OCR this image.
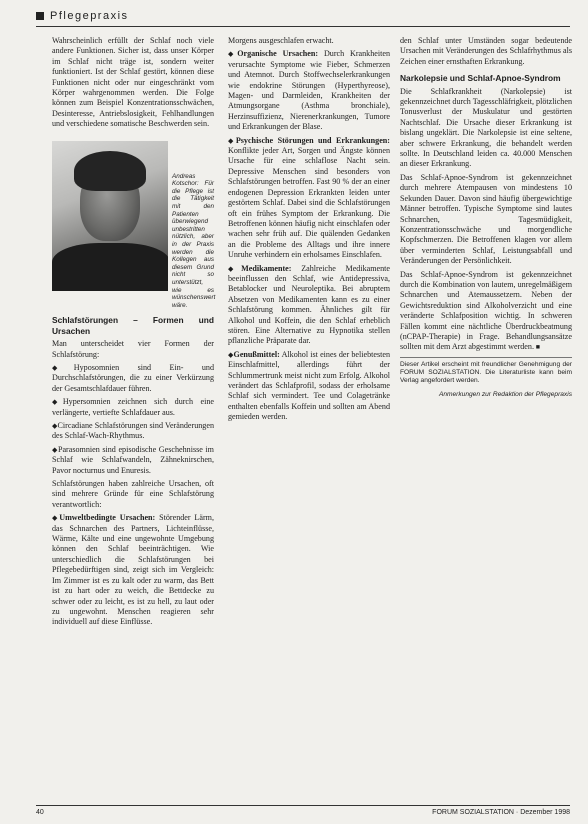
Pflegepraxis

Wahrscheinlich erfüllt der Schlaf noch viele andere Funktionen. Sicher ist, dass unser Körper im Schlaf nicht träge ist, sondern weiter funktioniert. Ist der Schlaf gestört, können diese Funktionen nicht oder nur eingeschränkt vom Körper wahrgenommen werden. Die Folge können zum Beispiel Konzentrationsschwächen, Desinteresse, Antriebslosigkeit, Fehlhandlungen und verschiedene somatische Beschwerden sein.

Andreas Kotschor: Für die Pflege ist die Tätigkeit mit den Patienten überwiegend unbestritten nützlich, aber in der Praxis werden die Kollegen aus diesem Grund nicht so unterstützt, wie es wünschenswert wäre.
Schlafstörungen – Formen und Ursachen

Man unterscheidet vier Formen der Schlafstörung:

◆ Hyposomnien sind Ein- und Durchschlafstörungen, die zu einer Verkürzung der Gesamtschlafdauer führen.

◆ Hypersomnien zeichnen sich durch eine verlängerte, vertiefte Schlafdauer aus.

◆ Circadiane Schlafstörungen sind Veränderungen des Schlaf-Wach-Rhythmus.

◆ Parasomnien sind episodische Geschehnisse im Schlaf wie Schlafwandeln, Zähneknirschen, Pavor nocturnus und Enuresis.

Schlafstörungen haben zahlreiche Ursachen, oft sind mehrere Gründe für eine Schlafstörung verantwortlich:

◆ Umweltbedingte Ursachen: Störender Lärm, das Schnarchen des Partners, Lichteinflüsse, Wärme, Kälte und eine ungewohnte Umgebung können den Schlaf beeinträchtigen. Wie unterschiedlich die Schlafstörungen bei Pflegebedürftigen sind, zeigt sich im Vergleich: Im Zimmer ist es zu kalt oder zu warm, das Bett ist zu hart oder zu weich, die Bettdecke zu schwer oder zu leicht, es ist zu hell, zu laut oder zu ungewohnt. Menschen reagieren sehr individuell auf diese Einflüsse.

Morgens ausgeschlafen erwacht.

◆ Organische Ursachen: Durch Krankheiten verursachte Symptome wie Fieber, Schmerzen und Atemnot. Durch Stoffwechselerkrankungen wie endokrine Störungen (Hyperthyreose), Magen- und Darmleiden, Krankheiten der Atmungsorgane (Asthma bronchiale), Herzinsuffizienz, Nierenerkrankungen, Tumore und Erkrankungen der Blase.

◆ Psychische Störungen und Erkrankungen: Konflikte jeder Art, Sorgen und Ängste können Ursache für eine schlaflose Nacht sein. Depressive Menschen sind besonders von Schlafstörungen betroffen. Fast 90 % der an einer endogenen Depression Erkrankten leiden unter gestörtem Schlaf. Dabei sind die Schlafstörungen oft ein frühes Symptom der Erkrankung. Die Betroffenen können häufig nicht einschlafen oder wachen sehr früh auf. Die quälenden Gedanken an die Probleme des Alltags und ihre innere Unruhe verhindern ein erholsames Einschlafen.

◆ Medikamente: Zahlreiche Medikamente beeinflussen den Schlaf, wie Antidepressiva, Betablocker und Neuroleptika. Bei abruptem Absetzen von Medikamenten kann es zu einer Schlafstörung kommen. Ähnliches gilt für Alkohol und Koffein, die den Schlaf erheblich stören. Eine Alternative zu Hypnotika stellen pflanzliche Präparate dar.

◆ Genußmittel: Alkohol ist eines der beliebtesten Einschlafmittel, allerdings führt der Schlummertrunk meist nicht zum Erfolg. Alkohol verändert das Schlafprofil, sodass der erholsame Schlaf sich vermindert. Tee und Colagetränke enthalten ebenfalls Koffein und sollten am Abend gemieden werden.

den Schlaf unter Umständen sogar bedeutende Ursachen mit Veränderungen des Schlafrhythmus als Zeichen einer ernsthaften Erkrankung.

Narkolepsie und Schlaf-Apnoe-Syndrom

Die Schlafkrankheit (Narkolepsie) ist gekennzeichnet durch Tagesschläfrigkeit, plötzlichen Tonusverlust der Muskulatur und gestörten Nachtschlaf. Die Ursache dieser Erkrankung ist bislang ungeklärt. Die Narkolepsie ist eine seltene, aber schwere Erkrankung, die behandelt werden sollte. In Deutschland leiden ca. 40.000 Menschen an dieser Erkrankung.

Das Schlaf-Apnoe-Syndrom ist gekennzeichnet durch mehrere Atempausen von mindestens 10 Sekunden Dauer. Davon sind häufig übergewichtige Männer betroffen. Typische Symptome sind lautes Schnarchen, Tagesmüdigkeit, Konzentrationsschwäche und morgendliche Kopfschmerzen. Die Betroffenen klagen vor allem über verminderten Schlaf, Leistungsabfall und Veränderungen der Persönlichkeit.

Das Schlaf-Apnoe-Syndrom ist gekennzeichnet durch die Kombination von lautem, unregelmäßigem Schnarchen und Atemaussetzern. Neben der Gewichtsreduktion sind Alkoholverzicht und eine veränderte Schlafposition wichtig. In schweren Fällen kommt eine nächtliche Überdruckbeatmung (nCPAP-Therapie) in Frage. Behandlungsansätze sollten mit dem Arzt abgestimmt werden. ■

Dieser Artikel erscheint mit freundlicher Genehmigung der FORUM SOZIALSTATION. Die Literaturliste kann beim Verlag angefordert werden.
Anmerkungen zur Redaktion der Pflegepraxis
40	FORUM SOZIALSTATION · Dezember 1998
